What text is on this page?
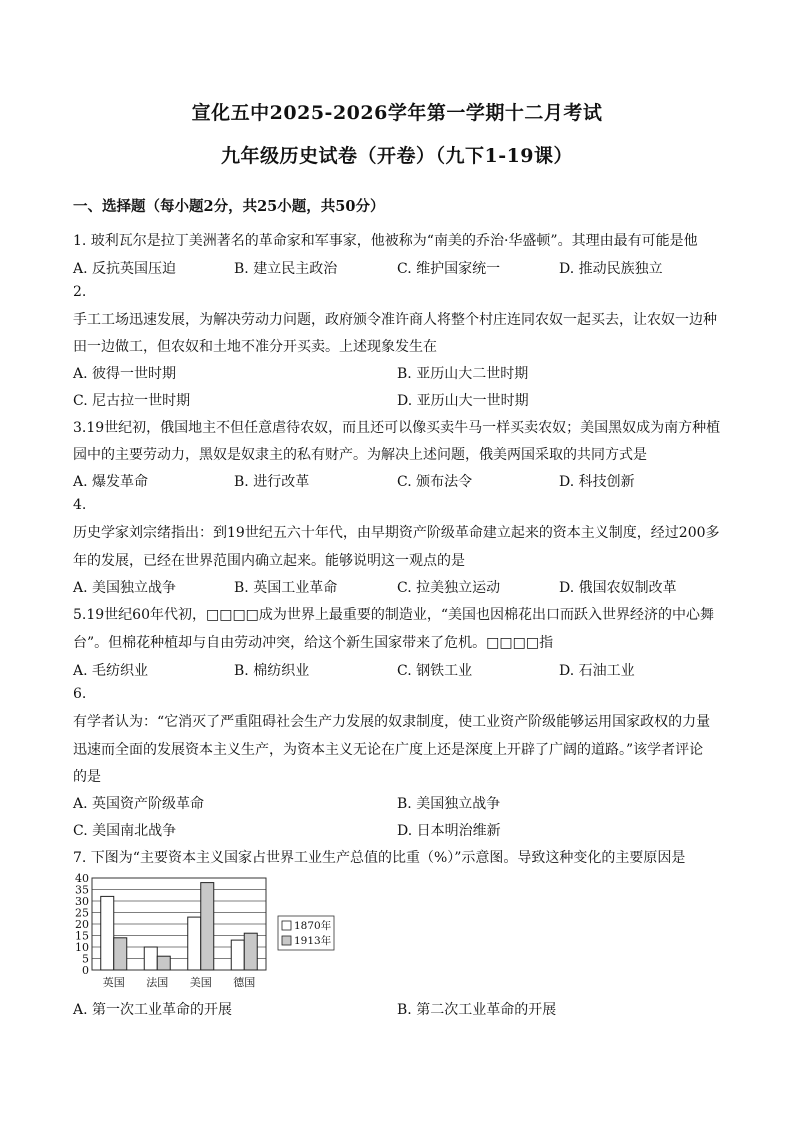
宣化五中2025-2026学年第一学期十二月考试
九年级历史试卷（开卷）（九下1-19课）
一、选择题（每小题2分，共25小题，共50分）
1. 玻利瓦尔是拉丁美洲著名的革命家和军事家，他被称为“南美的乔治·华盛顿”。其理由最有可能是他
A. 反抗英国压迫	B. 建立民主政治	C. 维护国家统一	D. 推动民族独立
2.
手工工场迅速发展，为解决劳动力问题，政府颁令准许商人将整个村庄连同农奴一起买去，让农奴一边种
田一边做工，但农奴和土地不准分开买卖。上述现象发生在
A. 彼得一世时期	B. 亚历山大二世时期
C. 尼古拉一世时期	D. 亚历山大一世时期
3.19世纪初，俄国地主不但任意虐待农奴，而且还可以像买卖牛马一样买卖农奴；美国黑奴成为南方种植
园中的主要劳动力，黑奴是奴隶主的私有财产。为解决上述问题，俄美两国采取的共同方式是
A. 爆发革命	B. 进行改革	C. 颁布法令	D. 科技创新
4.
历史学家刘宗绪指出：到19世纪五六十年代，由早期资产阶级革命建立起来的资本主义制度，经过200多
年的发展，已经在世界范围内确立起来。能够说明这一观点的是
A. 美国独立战争	B. 英国工业革命	C. 拉美独立运动	D. 俄国农奴制改革
5.19世纪60年代初，□□□□成为世界上最重要的制造业，“美国也因棉花出口而跃入世界经济的中心舞
台”。但棉花种植却与自由劳动冲突，给这个新生国家带来了危机。□□□□指
A. 毛纺织业	B. 棉纺织业	C. 钢铁工业	D. 石油工业
6.
有学者认为：“它消灭了严重阻碍社会生产力发展的奴隶制度，使工业资产阶级能够运用国家政权的力量
迅速而全面的发展资本主义生产，为资本主义无论在广度上还是深度上开辟了广阔的道路。”该学者评论
的是
A. 英国资产阶级革命	B. 美国独立战争
C. 美国南北战争	D. 日本明治维新
7. 下图为“主要资本主义国家占世界工业生产总值的比重（%）”示意图。导致这种变化的主要原因是
0
5
10
15
20
25
30
35
40
英国 法国 美国 德国
1870年
1913年
A. 第一次工业革命的开展	B. 第二次工业革命的开展
